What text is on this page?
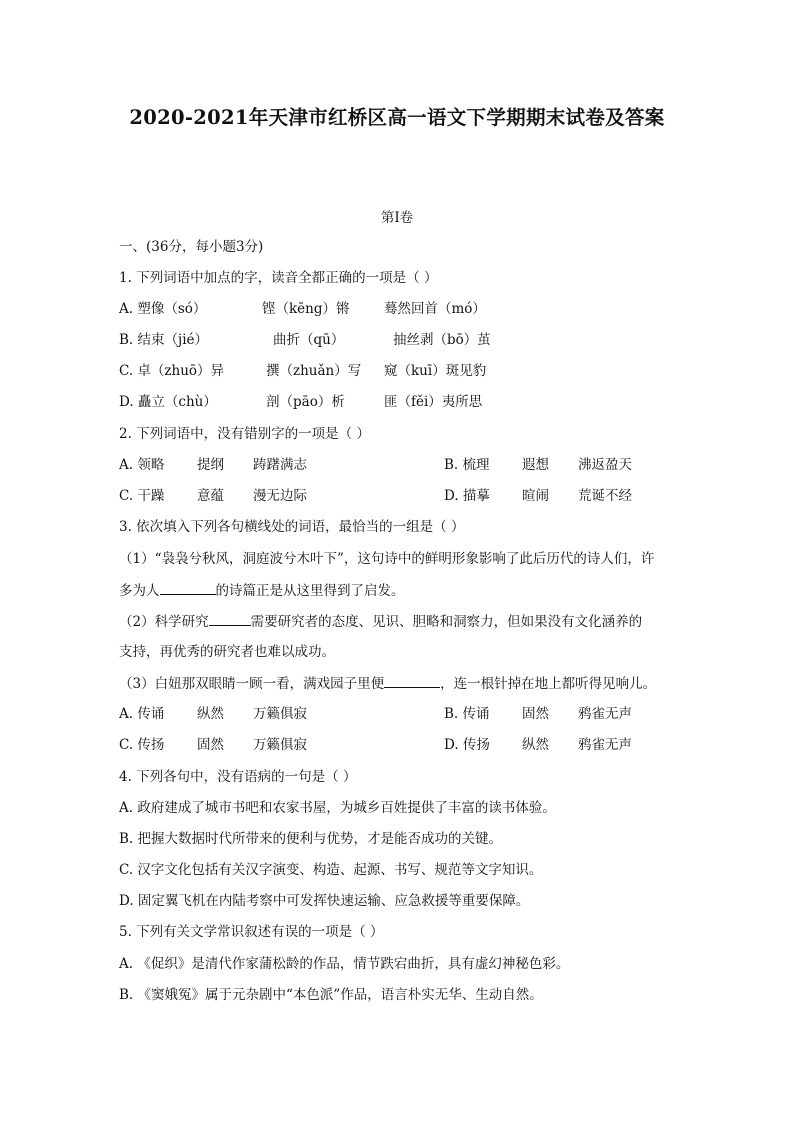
2020-2021年天津市红桥区高一语文下学期期末试卷及答案
第Ⅰ卷
一、(36分，每小题3分)
1. 下列词语中加点的字，读音全都正确的一项是（ ）
A. 塑像（só）	铿（kēng）锵	蓦然回首（mó）
B. 结束（jié）	曲折（qū）	抽丝剥（bō）茧
C. 卓（zhuō）异	撰（zhuǎn）写 窥（kuī）斑见豹
D. 矗立（chù）	剖（pāo）析	匪（fěi）夷所思
2. 下列词语中，没有错别字的一项是（ ）
A. 领略 提纲 踌躇满志	B. 梳理 遐想 沸返盈天
C. 干躁 意蕴 漫无边际	D. 描摹 暄闹 荒诞不经
3. 依次填入下列各句横线处的词语，最恰当的一组是（ ）
（1）“袅袅兮秋风，洞庭波兮木叶下”，这句诗中的鲜明形象影响了此后历代的诗人们，许
多为人	的诗篇正是从这里得到了启发。
（2）科学研究	需要研究者的态度、见识、胆略和洞察力，但如果没有文化涵养的
支持，再优秀的研究者也难以成功。
（3）白妞那双眼睛一顾一看，满戏园子里便	，连一根针掉在地上都听得见响儿。
A. 传诵 纵然 万籁俱寂	B. 传诵 固然 鸦雀无声
C. 传扬 固然 万籁俱寂	D. 传扬 纵然 鸦雀无声
4. 下列各句中，没有语病的一句是（ ）
A. 政府建成了城市书吧和农家书屋，为城乡百姓提供了丰富的读书体验。
B. 把握大数据时代所带来的便利与优势，才是能否成功的关键。
C. 汉字文化包括有关汉字演变、构造、起源、书写、规范等文字知识。
D. 固定翼飞机在内陆考察中可发挥快速运输、应急救援等重要保障。
5. 下列有关文学常识叙述有误的一项是（ ）
A. 《促织》是清代作家蒲松龄的作品，情节跌宕曲折，具有虚幻神秘色彩。
B. 《窦娥冤》属于元杂剧中“本色派”作品，语言朴实无华、生动自然。
